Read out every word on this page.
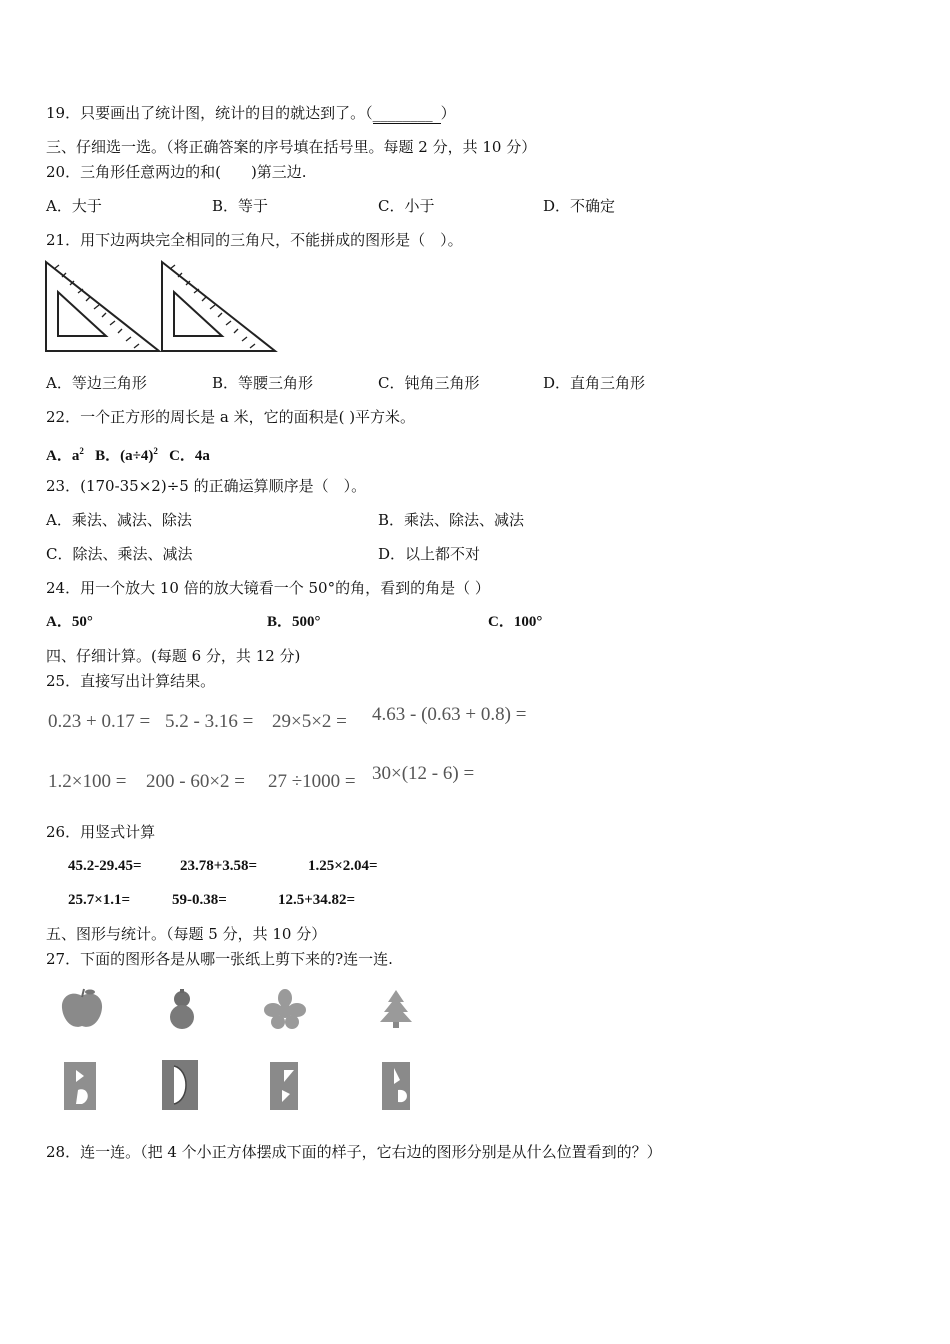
19．只要画出了统计图，统计的目的就达到了。（________ ）
三、仔细选一选。（将正确答案的序号填在括号里。每题 2 分，共 10 分）
20．三角形任意两边的和(　　)第三边.
A．大于	B．等于	C．小于	D．不确定
21．用下边两块完全相同的三角尺，不能拼成的图形是（　）。
A．等边三角形	B．等腰三角形	C．钝角三角形	D．直角三角形
22．一个正方形的周长是 a 米，它的面积是( )平方米。
A．$a^2$ B．$(a\div 4)^2$ C．4a
23．(170-35×2)÷5 的正确运算顺序是（　）。
A．乘法、减法、除法	B．乘法、除法、减法
C．除法、乘法、减法	D．以上都不对
24．用一个放大 10 倍的放大镜看一个 50°的角，看到的角是（ ）
A．50°	B．500°	C．100°
四、仔细计算。(每题 6 分，共 12 分)
25．直接写出计算结果。
0.23 + 0.17 = 5.2 - 3.16 = 29×5×2 = 4.63 - (0.63 + 0.8) =
1.2×100 = 200 - 60×2 = 27 ÷1000 = 30×(12 - 6) =
26．用竖式计算
45.2-29.45=	23.78+3.58=	1.25×2.04=
25.7×1.1=	59-0.38=	12.5+34.82=
五、图形与统计。（每题 5 分，共 10 分）
27．下面的图形各是从哪一张纸上剪下来的?连一连.
28．连一连。（把 4 个小正方体摆成下面的样子，它右边的图形分别是从什么位置看到的？）
